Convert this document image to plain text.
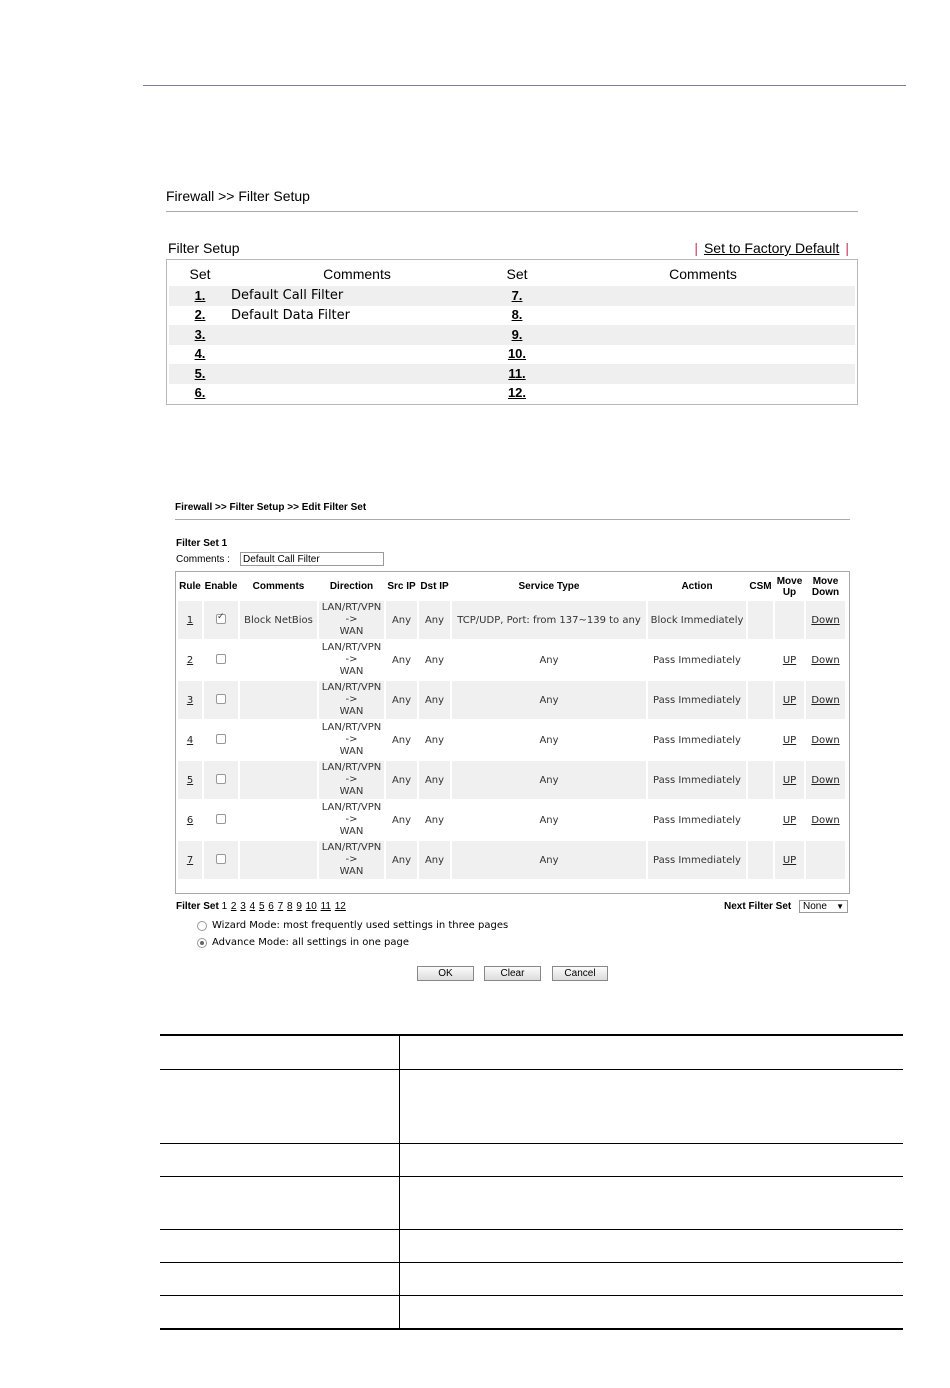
Firewall >> Filter Setup
Filter Setup	| Set to Factory Default |
Set	Comments	Set	Comments
1.	Default Call Filter	7.	
2.	Default Data Filter	8.	
3.		9.	
4.		10.	
5.		11.	
6.		12.	
Firewall >> Filter Setup >> Edit Filter Set
Filter Set 1
Comments :	Default Call Filter
Rule	Enable	Comments	Direction	Src IP	Dst IP	Service Type	Action	CSM	Move Up	Move Down
1	✓	Block NetBios	LAN/RT/VPN
->
WAN	Any	Any	TCP/UDP, Port: from 137~139 to any	Block Immediately			Down
2			LAN/RT/VPN
->
WAN	Any	Any	Any	Pass Immediately		UP	Down
3			LAN/RT/VPN
->
WAN	Any	Any	Any	Pass Immediately		UP	Down
4			LAN/RT/VPN
->
WAN	Any	Any	Any	Pass Immediately		UP	Down
5			LAN/RT/VPN
->
WAN	Any	Any	Any	Pass Immediately		UP	Down
6			LAN/RT/VPN
->
WAN	Any	Any	Any	Pass Immediately		UP	Down
7			LAN/RT/VPN
->
WAN	Any	Any	Any	Pass Immediately		UP	
Filter Set 1 2 3 4 5 6 7 8 9 10 11 12	Next Filter Set	None ▼
Wizard Mode: most frequently used settings in three pages
Advance Mode: all settings in one page
OK	Clear	Cancel
